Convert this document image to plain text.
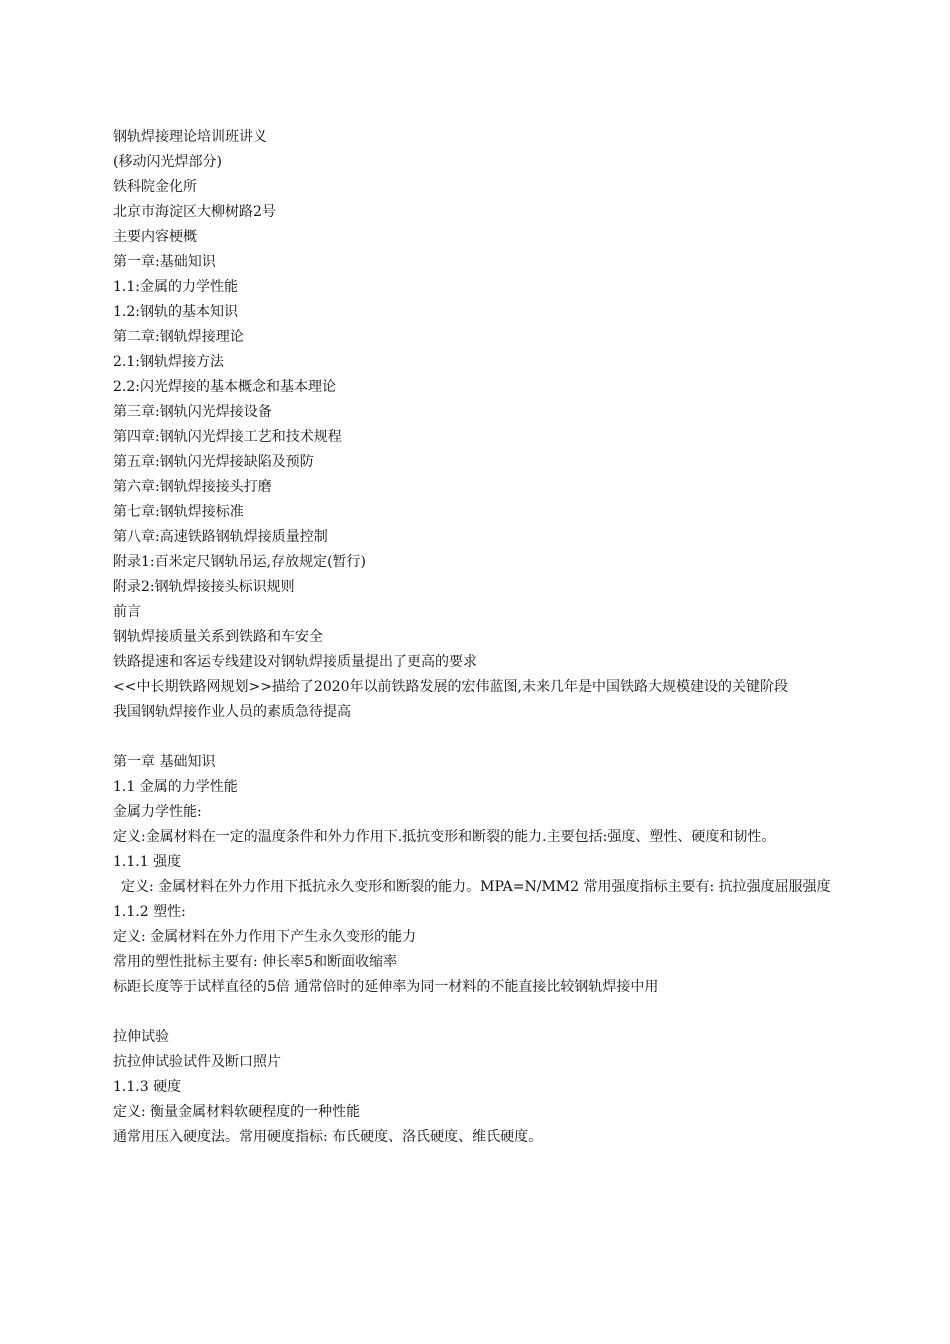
钢轨焊接理论培训班讲义
(移动闪光焊部分)
铁科院金化所
北京市海淀区大柳树路2号
主要内容梗概
第一章:基础知识
1.1:金属的力学性能
1.2:钢轨的基本知识
第二章:钢轨焊接理论
2.1:钢轨焊接方法
2.2:闪光焊接的基本概念和基本理论
第三章:钢轨闪光焊接设备
第四章:钢轨闪光焊接工艺和技术规程
第五章:钢轨闪光焊接缺陷及预防
第六章:钢轨焊接接头打磨
第七章:钢轨焊接标准
第八章:高速铁路钢轨焊接质量控制
附录1:百米定尺钢轨吊运,存放规定(暂行)
附录2:钢轨焊接接头标识规则
前言
钢轨焊接质量关系到铁路和车安全
铁路提速和客运专线建设对钢轨焊接质量提出了更高的要求
<<中长期铁路网规划>>描给了2020年以前铁路发展的宏伟蓝图,未来几年是中国铁路大规模建设的关键阶段
我国钢轨焊接作业人员的素质急待提高
第一章 基础知识
1.1 金属的力学性能
金属力学性能:
定义:金属材料在一定的温度条件和外力作用下.抵抗变形和断裂的能力.主要包括:强度、塑性、硬度和韧性。
1.1.1 强度
定义: 金属材料在外力作用下抵抗永久变形和断裂的能力。MPA=N/MM2 常用强度指标主要有: 抗拉强度屈服强度
1.1.2 塑性:
定义: 金属材料在外力作用下产生永久变形的能力
常用的塑性批标主要有: 伸长率5和断面收缩率
标距长度等于试样直径的5倍 通常倍时的延伸率为同一材料的不能直接比较钢轨焊接中用
拉伸试验
抗拉伸试验试件及断口照片
1.1.3 硬度
定义: 衡量金属材料软硬程度的一种性能
通常用压入硬度法。常用硬度指标: 布氏硬度、洛氏硬度、维氏硬度。
